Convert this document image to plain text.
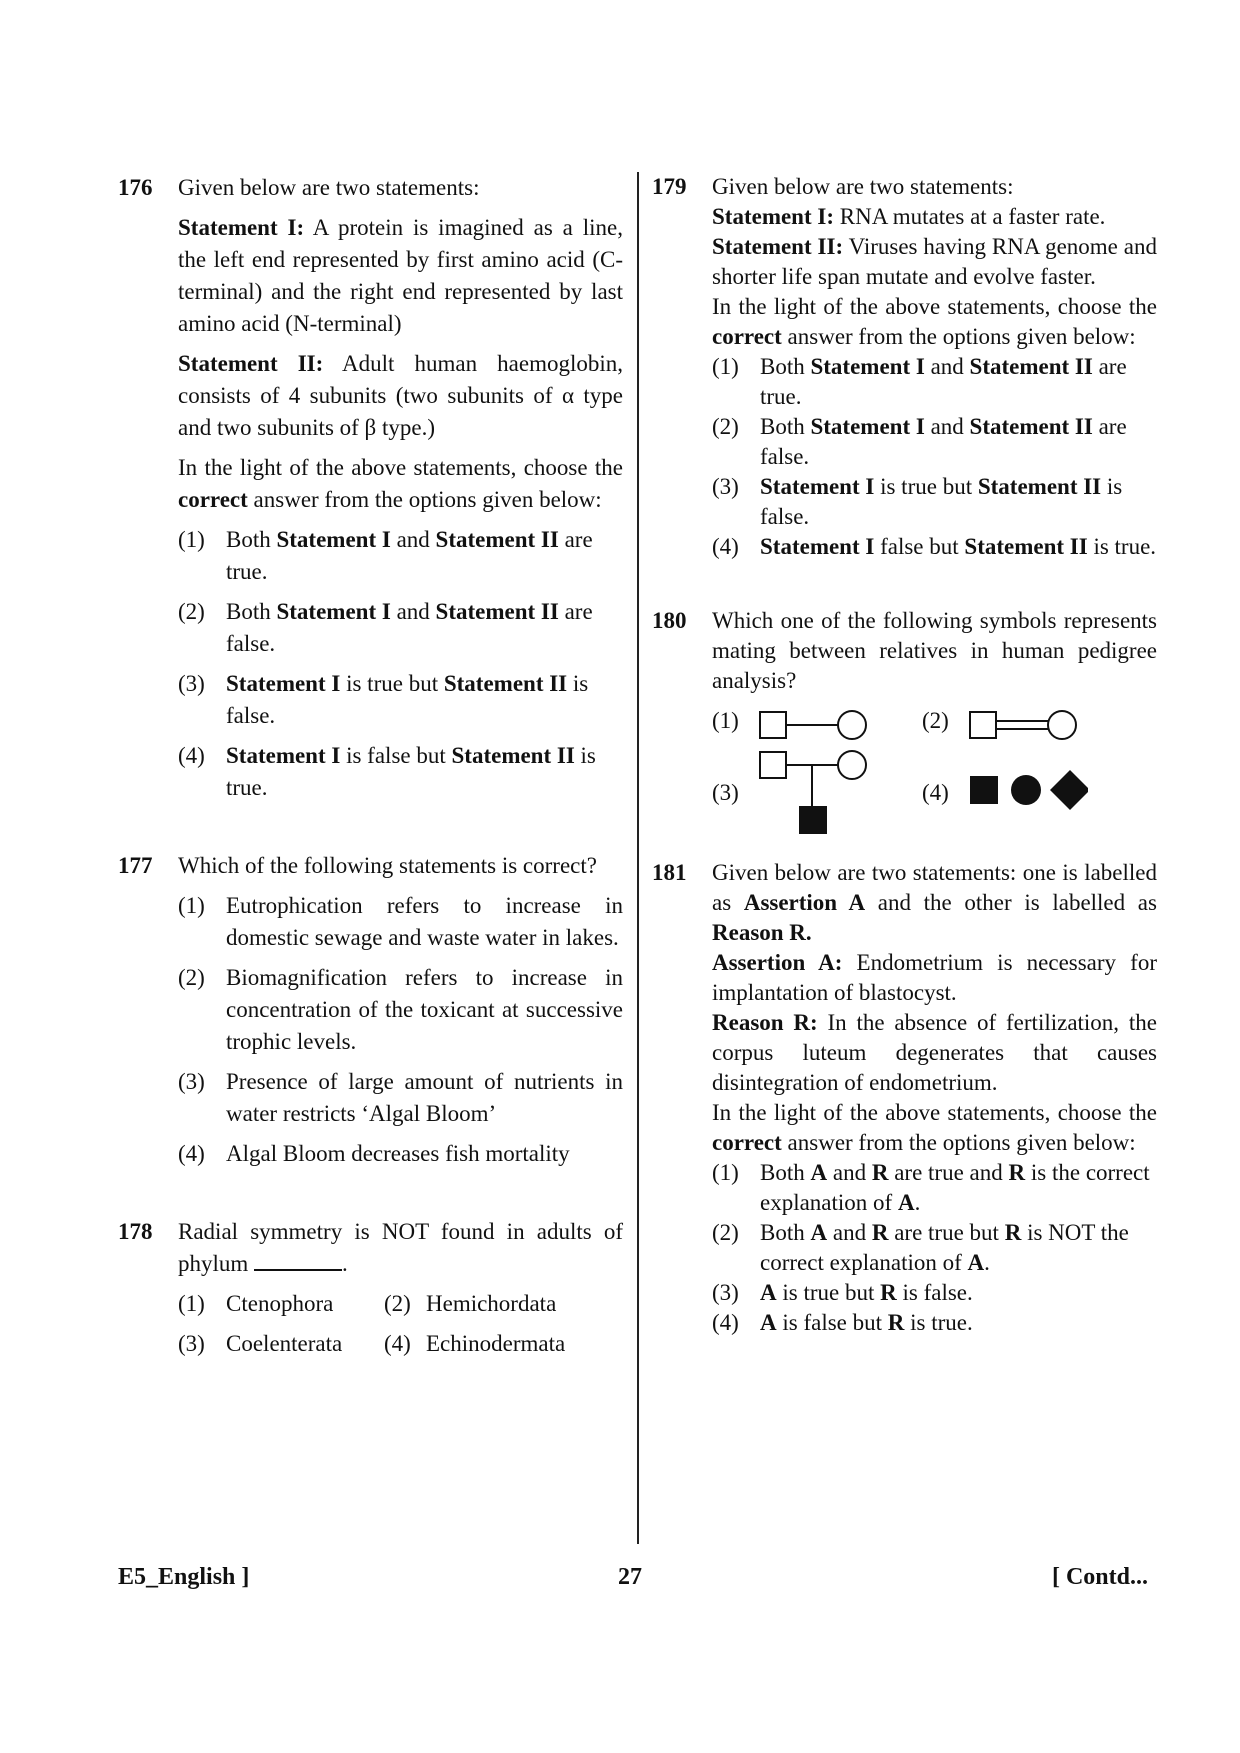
176 Given below are two statements:

Statement I: A protein is imagined as a line, the left end represented by first amino acid (C-terminal) and the right end represented by last amino acid (N-terminal)

Statement II: Adult human haemoglobin, consists of 4 subunits (two subunits of α type and two subunits of β type.)

In the light of the above statements, choose the correct answer from the options given below:

(1) Both Statement I and Statement II are true.
(2) Both Statement I and Statement II are false.
(3) Statement I is true but Statement II is false.
(4) Statement I is false but Statement II is true.
177 Which of the following statements is correct?

(1) Eutrophication refers to increase in domestic sewage and waste water in lakes.
(2) Biomagnification refers to increase in concentration of the toxicant at successive trophic levels.
(3) Presence of large amount of nutrients in water restricts ‘Algal Bloom’
(4) Algal Bloom decreases fish mortality
178 Radial symmetry is NOT found in adults of phylum	.

(1) Ctenophora	(2) Hemichordata
(3) Coelenterata	(4) Echinodermata
179 Given below are two statements:

Statement I: RNA mutates at a faster rate.

Statement II: Viruses having RNA genome and shorter life span mutate and evolve faster.

In the light of the above statements, choose the correct answer from the options given below:

(1) Both Statement I and Statement II are true.
(2) Both Statement I and Statement II are false.
(3) Statement I is true but Statement II is false.
(4) Statement I false but Statement II is true.
180 Which one of the following symbols represents mating between relatives in human pedigree analysis?

(1)	(2)
(3)	(4)
181 Given below are two statements: one is labelled as Assertion A and the other is labelled as Reason R.

Assertion A: Endometrium is necessary for implantation of blastocyst.

Reason R: In the absence of fertilization, the corpus luteum degenerates that causes disintegration of endometrium.

In the light of the above statements, choose the correct answer from the options given below:

(1) Both A and R are true and R is the correct explanation of A.
(2) Both A and R are true but R is NOT the correct explanation of A.
(3) A is true but R is false.
(4) A is false but R is true.
E5_English ]	27	[ Contd...
